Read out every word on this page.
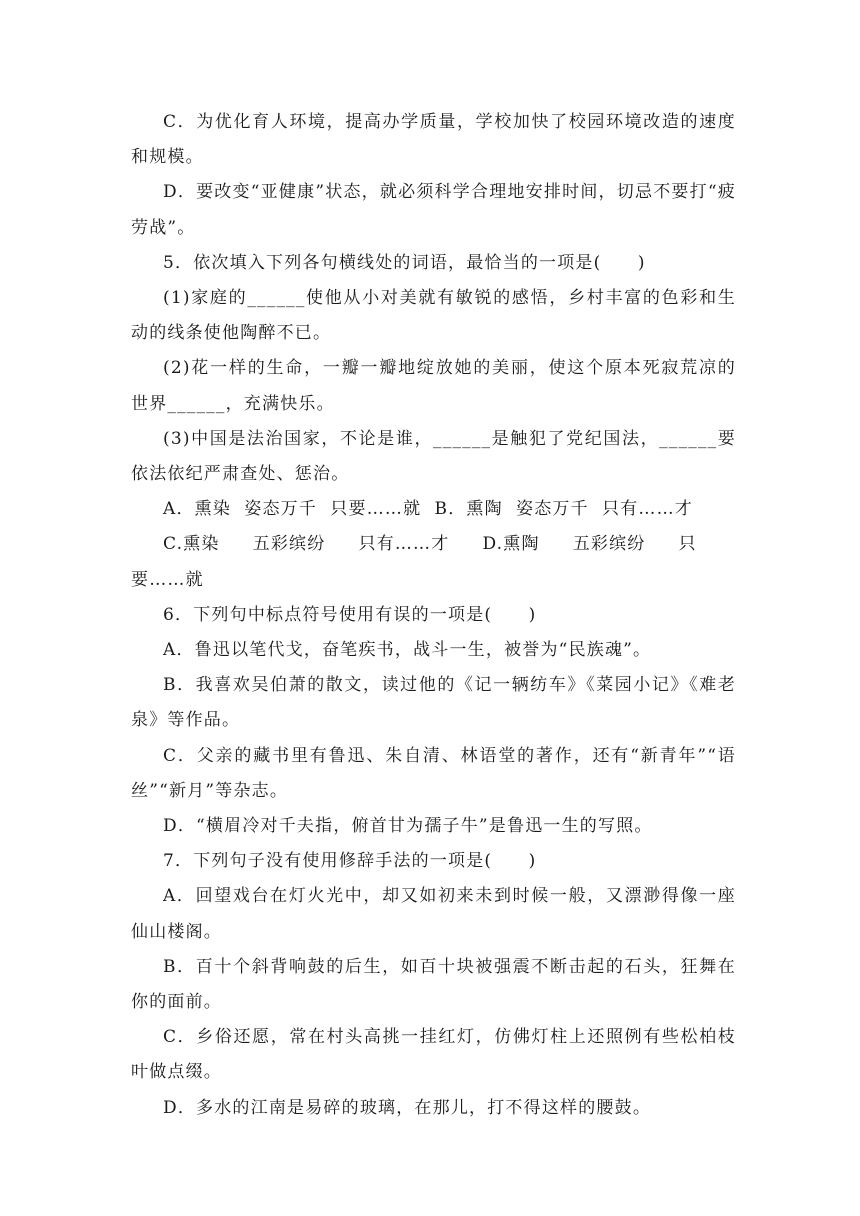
C．为优化育人环境，提高办学质量，学校加快了校园环境改造的速度和规模。

D．要改变“亚健康”状态，就必须科学合理地安排时间，切忌不要打“疲劳战”。

5．依次填入下列各句横线处的词语，最恰当的一项是(　　)

(1)家庭的______使他从小对美就有敏锐的感悟，乡村丰富的色彩和生动的线条使他陶醉不已。

(2)花一样的生命，一瓣一瓣地绽放她的美丽，使这个原本死寂荒凉的世界______，充满快乐。

(3)中国是法治国家，不论是谁，______是触犯了党纪国法，______要依法依纪严肃查处、惩治。

A．熏染  姿态万千  只要……就  B．熏陶  姿态万千  只有……才

C.熏染     五彩缤纷     只有……才     D.熏陶     五彩缤纷     只要……就

6．下列句中标点符号使用有误的一项是(　　)

A．鲁迅以笔代戈，奋笔疾书，战斗一生，被誉为“民族魂”。

B．我喜欢吴伯萧的散文，读过他的《记一辆纺车》《菜园小记》《难老泉》等作品。

C．父亲的藏书里有鲁迅、朱自清、林语堂的著作，还有“新青年”“语丝”“新月”等杂志。

D．“横眉冷对千夫指，俯首甘为孺子牛”是鲁迅一生的写照。

7．下列句子没有使用修辞手法的一项是(　　)

A．回望戏台在灯火光中，却又如初来未到时候一般，又漂渺得像一座仙山楼阁。

B．百十个斜背响鼓的后生，如百十块被强震不断击起的石头，狂舞在你的面前。

C．乡俗还愿，常在村头高挑一挂红灯，仿佛灯柱上还照例有些松柏枝叶做点缀。

D．多水的江南是易碎的玻璃，在那儿，打不得这样的腰鼓。
